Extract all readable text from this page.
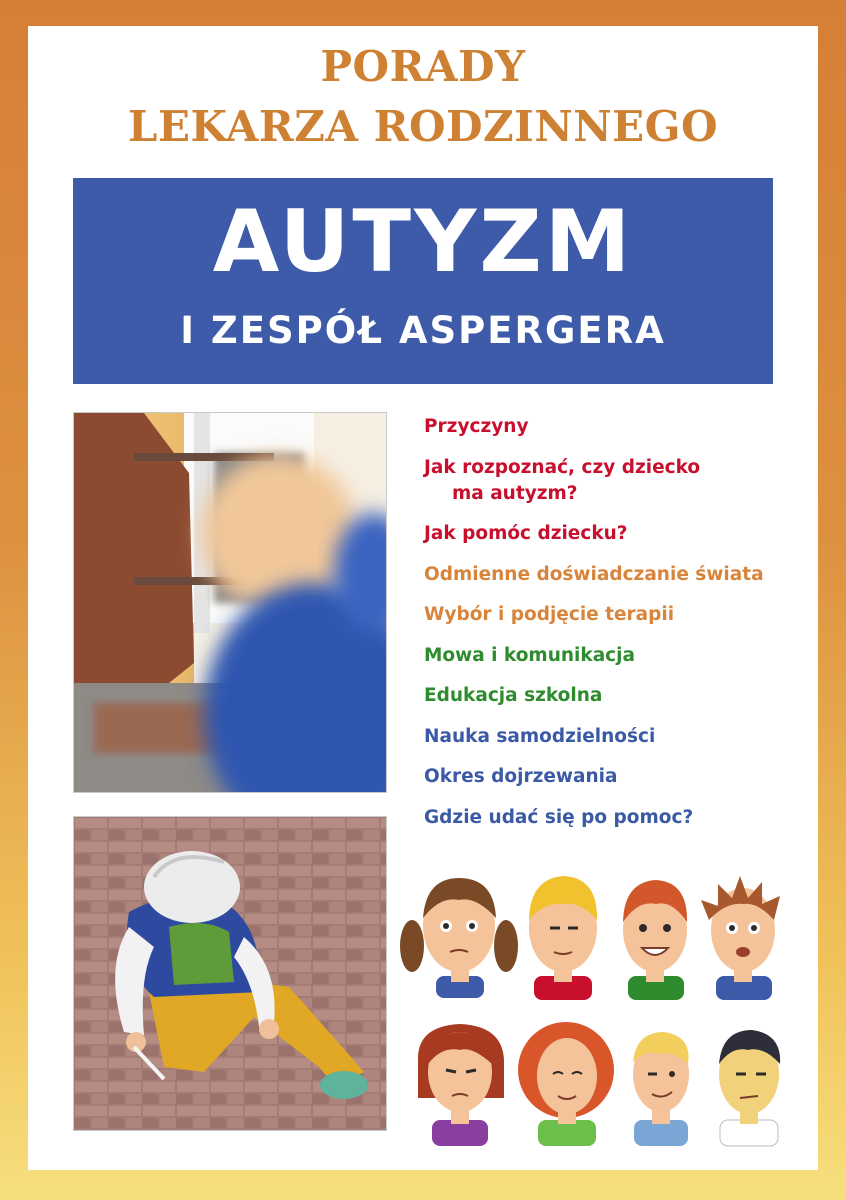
PORADY
LEKARZA RODZINNEGO
AUTYZM
I ZESPÓŁ ASPERGERA
Przyczyny
Jak rozpoznać, czy dziecko
ma autyzm?
Jak pomóc dziecku?
Odmienne doświadczanie świata
Wybór i podjęcie terapii
Mowa i komunikacja
Edukacja szkolna
Nauka samodzielności
Okres dojrzewania
Gdzie udać się po pomoc?
